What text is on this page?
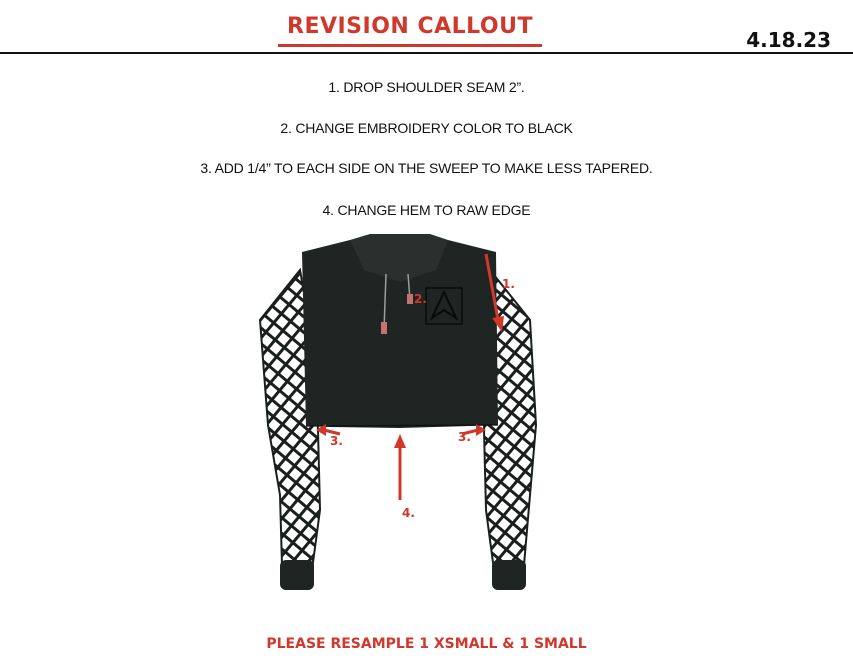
REVISION CALLOUT
4.18.23
1. DROP SHOULDER SEAM 2”.
2. CHANGE EMBROIDERY COLOR TO BLACK
3. ADD 1/4” TO EACH SIDE ON THE SWEEP TO MAKE LESS TAPERED.
4. CHANGE HEM TO RAW EDGE
1.
2.
3.	3.
4.
PLEASE RESAMPLE 1 XSMALL & 1 SMALL
